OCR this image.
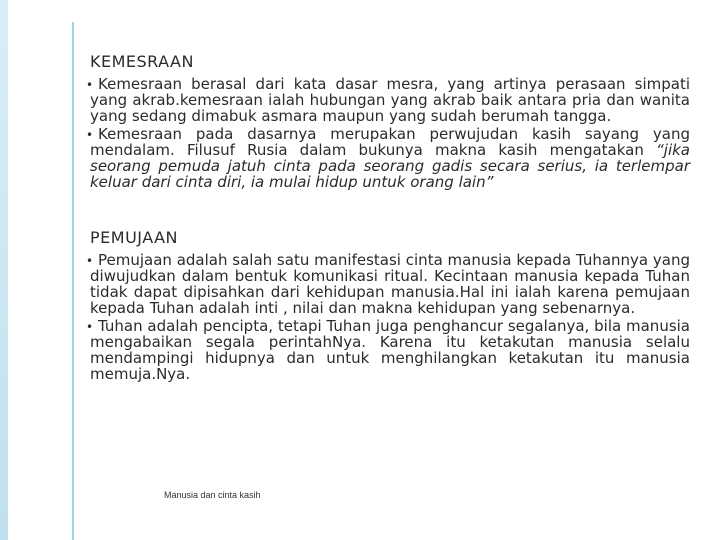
KEMESRAAN
• Kemesraan berasal dari kata dasar mesra, yang artinya perasaan simpati yang akrab.kemesraan ialah hubungan yang akrab baik antara pria dan wanita yang sedang dimabuk asmara maupun yang sudah berumah tangga.
• Kemesraan pada dasarnya merupakan perwujudan kasih sayang yang mendalam. Filusuf Rusia dalam bukunya makna kasih mengatakan “jika seorang pemuda jatuh cinta pada seorang gadis secara serius, ia terlempar keluar dari cinta diri, ia mulai hidup untuk orang lain”
PEMUJAAN
• Pemujaan adalah salah satu manifestasi cinta manusia kepada Tuhannya yang diwujudkan dalam bentuk komunikasi ritual. Kecintaan manusia kepada Tuhan tidak dapat dipisahkan dari kehidupan manusia.Hal ini ialah karena pemujaan kepada Tuhan adalah inti , nilai dan makna kehidupan yang sebenarnya.
• Tuhan adalah pencipta, tetapi Tuhan juga penghancur segalanya, bila manusia mengabaikan segala perintahNya. Karena itu ketakutan manusia selalu mendampingi hidupnya dan untuk menghilangkan ketakutan itu manusia memuja.Nya.
Manusia dan cinta kasih
